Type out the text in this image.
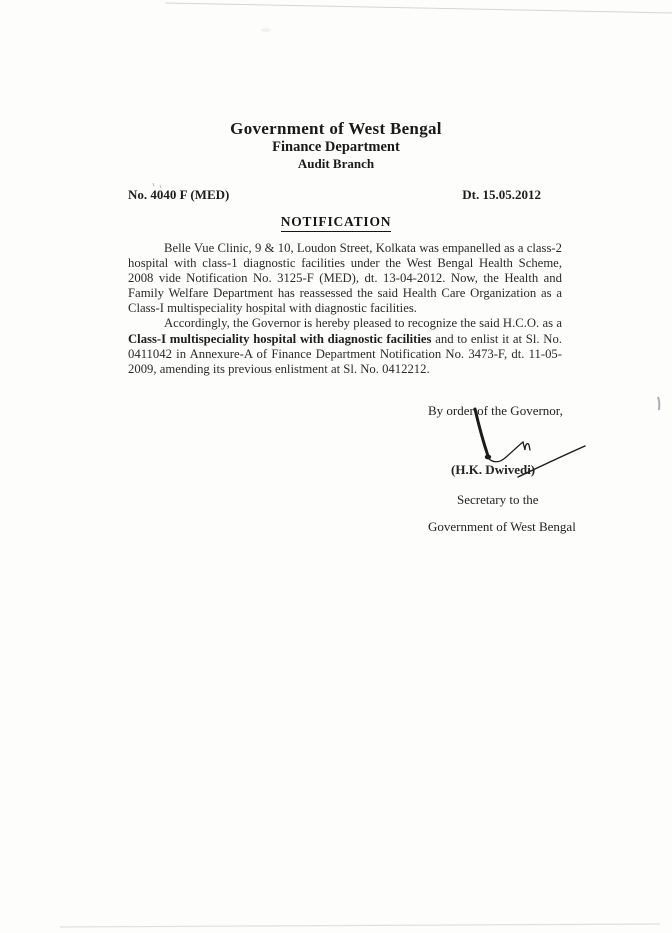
Government of West Bengal
Finance Department
Audit Branch
No. 4040 F (MED)	Dt. 15.05.2012
NOTIFICATION

Belle Vue Clinic, 9 & 10, Loudon Street, Kolkata was empanelled as a class-2 hospital with class-1 diagnostic facilities under the West Bengal Health Scheme, 2008 vide Notification No. 3125-F (MED), dt. 13-04-2012. Now, the Health and Family Welfare Department has reassessed the said Health Care Organization as a Class-I multispeciality hospital with diagnostic facilities.

Accordingly, the Governor is hereby pleased to recognize the said H.C.O. as a Class-I multispeciality hospital with diagnostic facilities and to enlist it at Sl. No. 0411042 in Annexure-A of Finance Department Notification No. 3473-F, dt. 11-05-2009, amending its previous enlistment at Sl. No. 0412212.

By order of the Governor,
(H.K. Dwivedi)
Secretary to the
Government of West Bengal
